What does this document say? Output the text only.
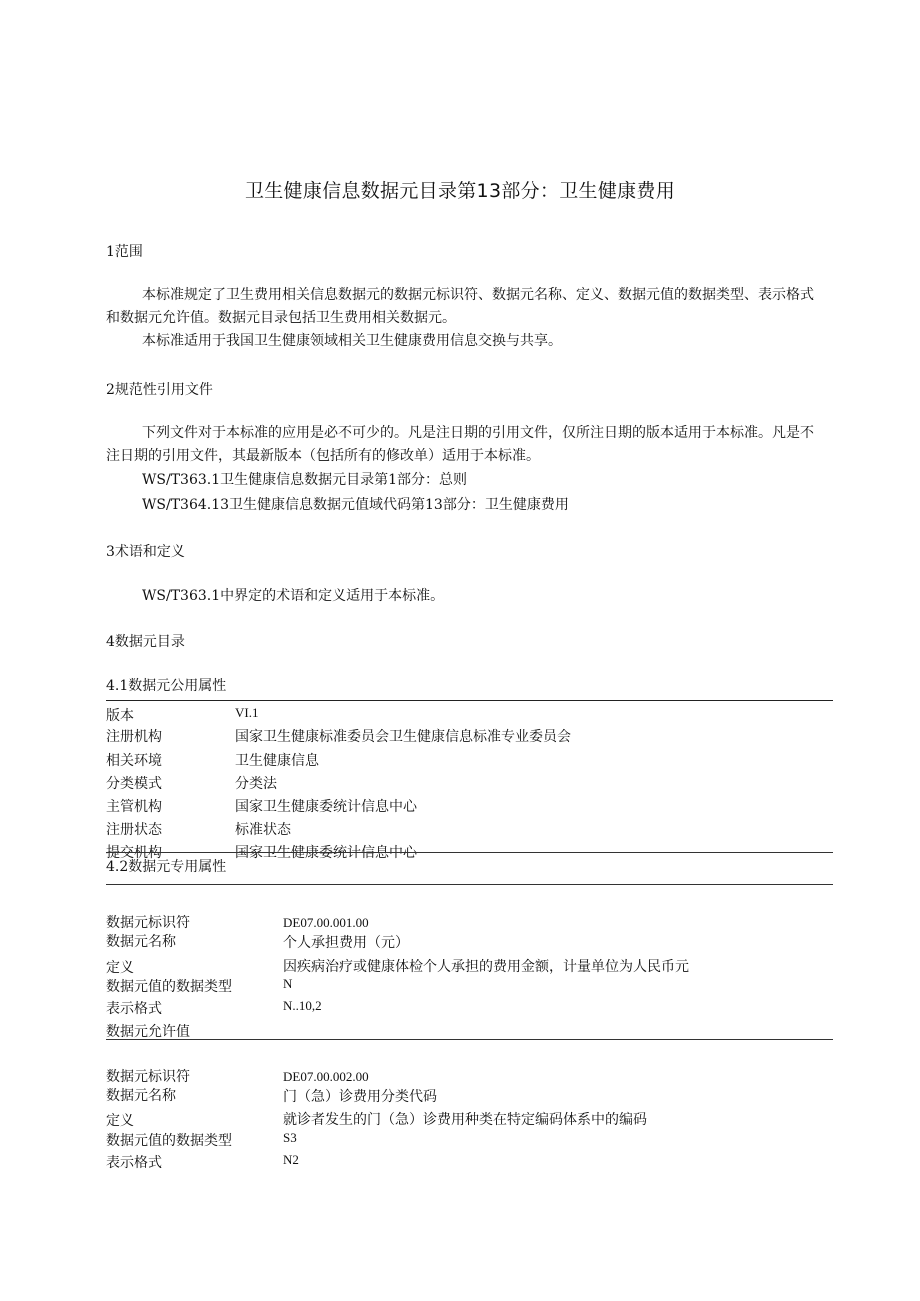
卫生健康信息数据元目录第13部分：卫生健康费用
1范围
本标准规定了卫生费用相关信息数据元的数据元标识符、数据元名称、定义、数据元值的数据类型、表示格式和数据元允许值。数据元目录包括卫生费用相关数据元。
本标准适用于我国卫生健康领域相关卫生健康费用信息交换与共享。
2规范性引用文件
下列文件对于本标准的应用是必不可少的。凡是注日期的引用文件，仅所注日期的版本适用于本标准。凡是不注日期的引用文件，其最新版本（包括所有的修改单）适用于本标准。
WS/T363.1卫生健康信息数据元目录第1部分：总则
WS/T364.13卫生健康信息数据元值域代码第13部分：卫生健康费用
3术语和定义
WS/T363.1中界定的术语和定义适用于本标准。
4数据元目录
4.1数据元公用属性
版本	VI.1
注册机构	国家卫生健康标准委员会卫生健康信息标准专业委员会
相关环境	卫生健康信息
分类模式	分类法
主管机构	国家卫生健康委统计信息中心
注册状态	标准状态
提交机构	国家卫生健康委统计信息中心
4.2数据元专用属性
数据元标识符	DE07.00.001.00
数据元名称	个人承担费用（元）
定义	因疾病治疗或健康体检个人承担的费用金额，计量单位为人民币元
数据元值的数据类型	N
表示格式	N..10,2
数据元允许值
数据元标识符	DE07.00.002.00
数据元名称	门（急）诊费用分类代码
定义	就诊者发生的门（急）诊费用种类在特定编码体系中的编码
数据元值的数据类型	S3
表示格式	N2
